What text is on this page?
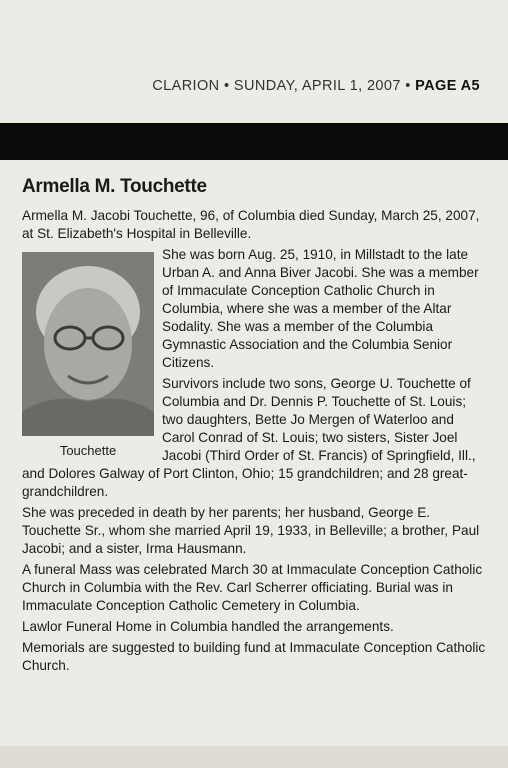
CLARION • SUNDAY, APRIL 1, 2007 • PAGE A5
Armella M. Touchette

Armella M. Jacobi Touchette, 96, of Columbia died Sunday, March 25, 2007, at St. Elizabeth's Hospital in Belleville.

Touchette

She was born Aug. 25, 1910, in Millstadt to the late Urban A. and Anna Biver Jacobi. She was a member of Immaculate Conception Catholic Church in Columbia, where she was a member of the Altar Sodality. She was a member of the Columbia Gymnastic Association and the Columbia Senior Citizens.

Survivors include two sons, George U. Touchette of Columbia and Dr. Dennis P. Touchette of St. Louis; two daughters, Bette Jo Mergen of Waterloo and Carol Conrad of St. Louis; two sisters, Sister Joel Jacobi (Third Order of St. Francis) of Springfield, Ill., and Dolores Galway of Port Clinton, Ohio; 15 grandchildren; and 28 great-grandchildren.

She was preceded in death by her parents; her husband, George E. Touchette Sr., whom she married April 19, 1933, in Belleville; a brother, Paul Jacobi; and a sister, Irma Hausmann.

A funeral Mass was celebrated March 30 at Immaculate Conception Catholic Church in Columbia with the Rev. Carl Scherrer officiating. Burial was in Immaculate Conception Catholic Cemetery in Columbia.

Lawlor Funeral Home in Columbia handled the arrangements.

Memorials are suggested to building fund at Immaculate Conception Catholic Church.
